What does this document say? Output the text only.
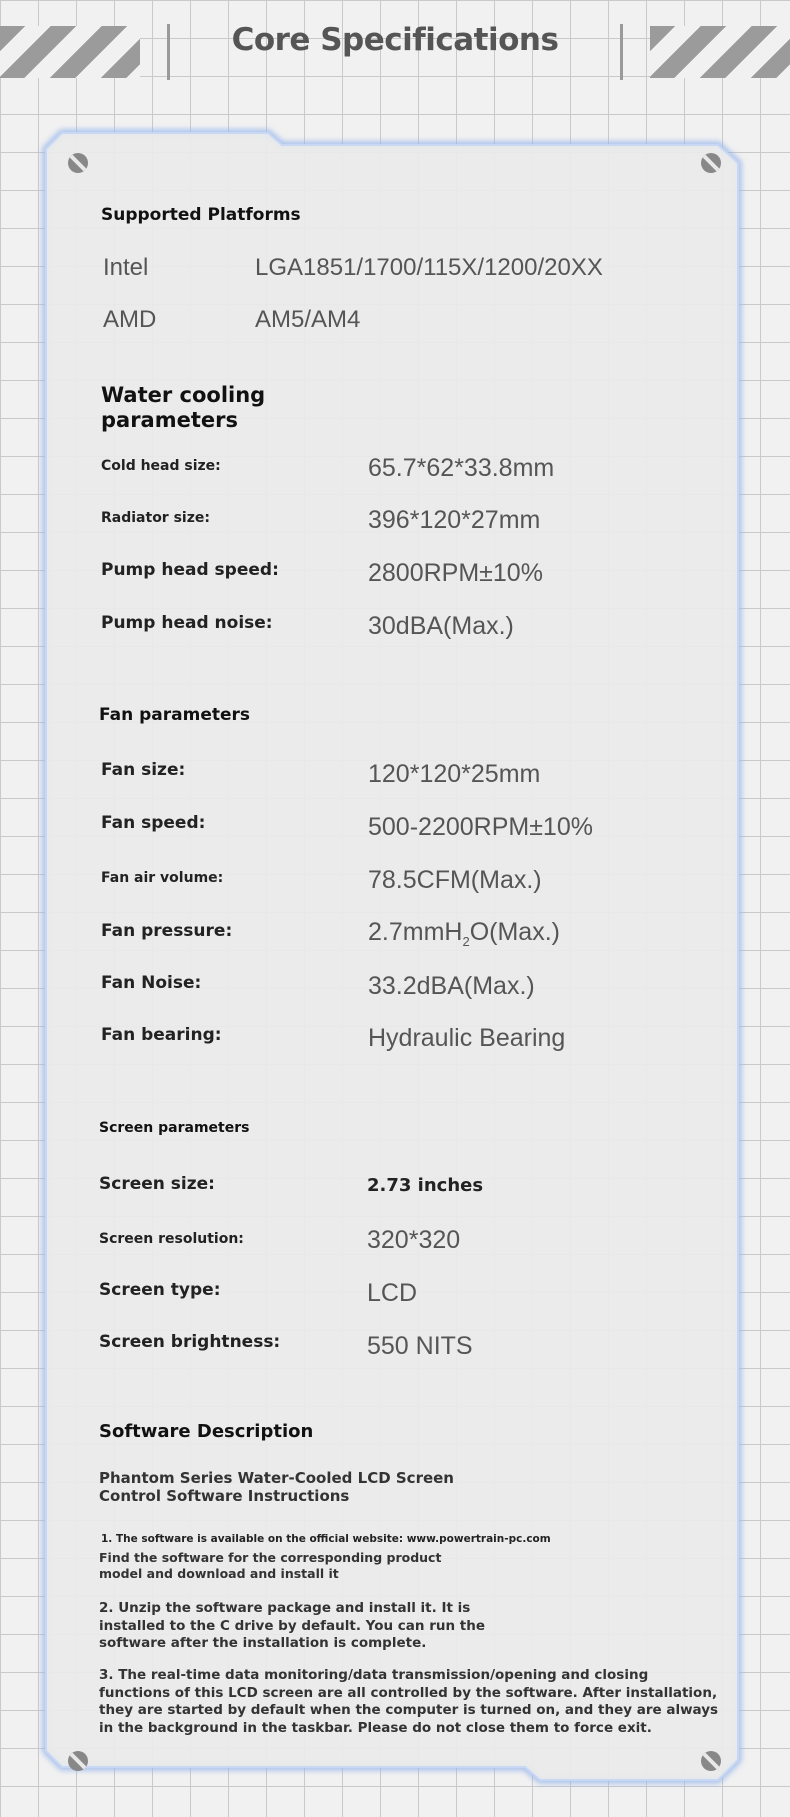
Core Specifications
Supported Platforms
Intel	LGA1851/1700/115X/1200/20XX
AMD	AM5/AM4
Water cooling parameters
Cold head size:	65.7*62*33.8mm
Radiator size:	396*120*27mm
Pump head speed:	2800RPM±10%
Pump head noise:	30dBA(Max.)
Fan parameters
Fan size:	120*120*25mm
Fan speed:	500-2200RPM±10%
Fan air volume:	78.5CFM(Max.)
Fan pressure:	2.7mmH$_2$O(Max.)
Fan Noise:	33.2dBA(Max.)
Fan bearing:	Hydraulic Bearing
Screen parameters
Screen size:	2.73 inches
Screen resolution:	320*320
Screen type:	LCD
Screen brightness:	550 NITS
Software Description
Phantom Series Water-Cooled LCD Screen Control Software Instructions
1. The software is available on the official website: www.powertrain-pc.com
Find the software for the corresponding product model and download and install it
2. Unzip the software package and install it. It is installed to the C drive by default. You can run the software after the installation is complete.
3. The real-time data monitoring/data transmission/opening and closing functions of this LCD screen are all controlled by the software. After installation, they are started by default when the computer is turned on, and they are always in the background in the taskbar. Please do not close them to force exit.
